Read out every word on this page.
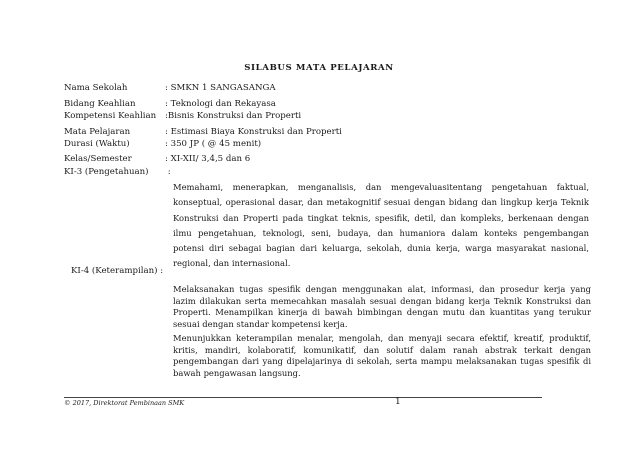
SILABUS MATA PELAJARAN
Nama Sekolah	: SMKN 1 SANGASANGA
Bidang Keahlian	: Teknologi dan Rekayasa
Kompetensi Keahlian :Bisnis Konstruksi dan Properti
Mata Pelajaran	: Estimasi Biaya Konstruksi dan Properti
Durasi (Waktu)	: 350 JP ( @ 45 menit)
Kelas/Semester	: XI-XII/ 3,4,5 dan 6
KI-3 (Pengetahuan) :
Memahami, menerapkan, menganalisis, dan mengevaluasitentang pengetahuan faktual, konseptual, operasional dasar, dan metakognitif sesuai dengan bidang dan lingkup kerja Teknik Konstruksi dan Properti pada tingkat teknis, spesifik, detil, dan kompleks, berkenaan dengan ilmu pengetahuan, teknologi, seni, budaya, dan humaniora dalam konteks pengembangan potensi diri sebagai bagian dari keluarga, sekolah, dunia kerja, warga masyarakat nasional, regional, dan internasional.
KI-4 (Keterampilan) :
Melaksanakan tugas spesifik dengan menggunakan alat, informasi, dan prosedur kerja yang lazim dilakukan serta memecahkan masalah sesuai dengan bidang kerja Teknik Konstruksi dan Properti. Menampilkan kinerja di bawah bimbingan dengan mutu dan kuantitas yang terukur sesuai dengan standar kompetensi kerja.
Menunjukkan keterampilan menalar, mengolah, dan menyaji secara efektif, kreatif, produktif, kritis, mandiri, kolaboratif, komunikatif, dan solutif dalam ranah abstrak terkait dengan pengembangan dari yang dipelajarinya di sekolah, serta mampu melaksanakan tugas spesifik di bawah pengawasan langsung.
© 2017, Direktorat Pembinaan SMK	1
